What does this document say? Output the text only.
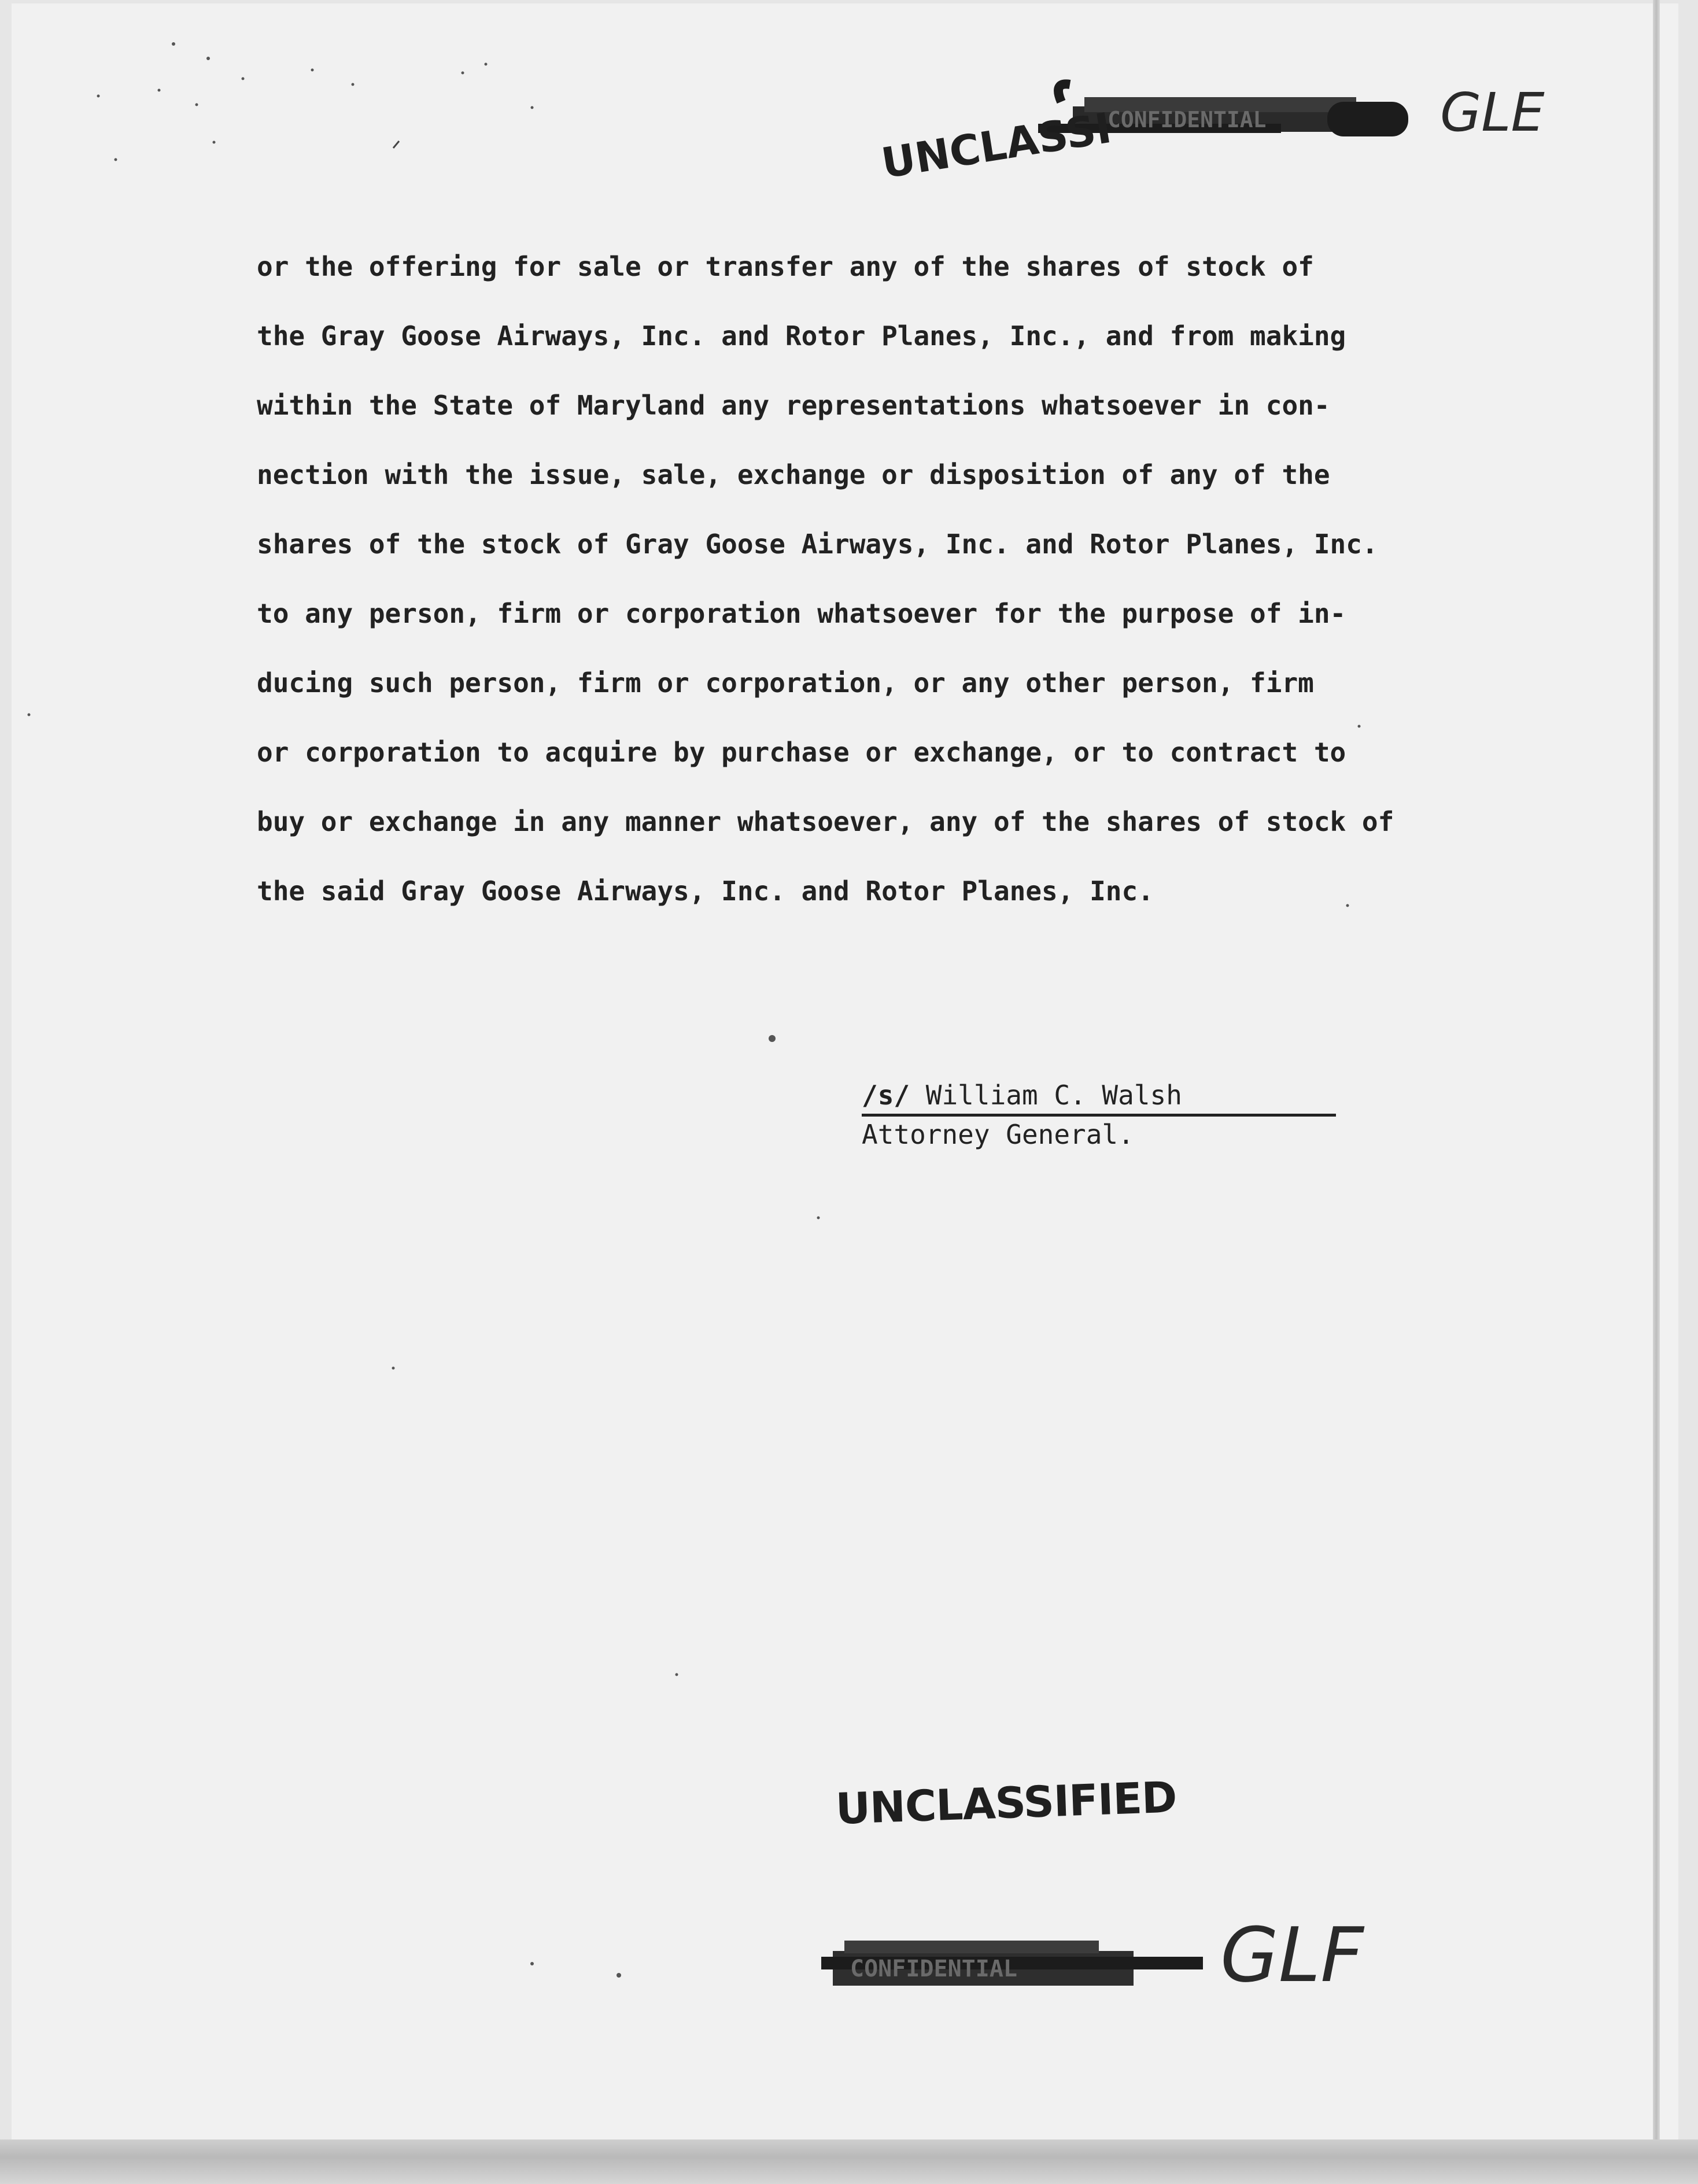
CONFIDENTIAL
UNCLASSI	GLE
or the offering for sale or transfer any of the shares of stock of
the Gray Goose Airways, Inc. and Rotor Planes, Inc., and from making
within the State of Maryland any representations whatsoever in con-
nection with the issue, sale, exchange or disposition of any of the
shares of the stock of Gray Goose Airways, Inc. and Rotor Planes, Inc.
to any person, firm or corporation whatsoever for the purpose of in-
ducing such person, firm or corporation, or any other person, firm
or corporation to acquire by purchase or exchange, or to contract to
buy or exchange in any manner whatsoever, any of the shares of stock of
the said Gray Goose Airways, Inc. and Rotor Planes, Inc.
/s/ William C. Walsh
Attorney General.
UNCLASSIFIED
CONFIDENTIAL	GLF
